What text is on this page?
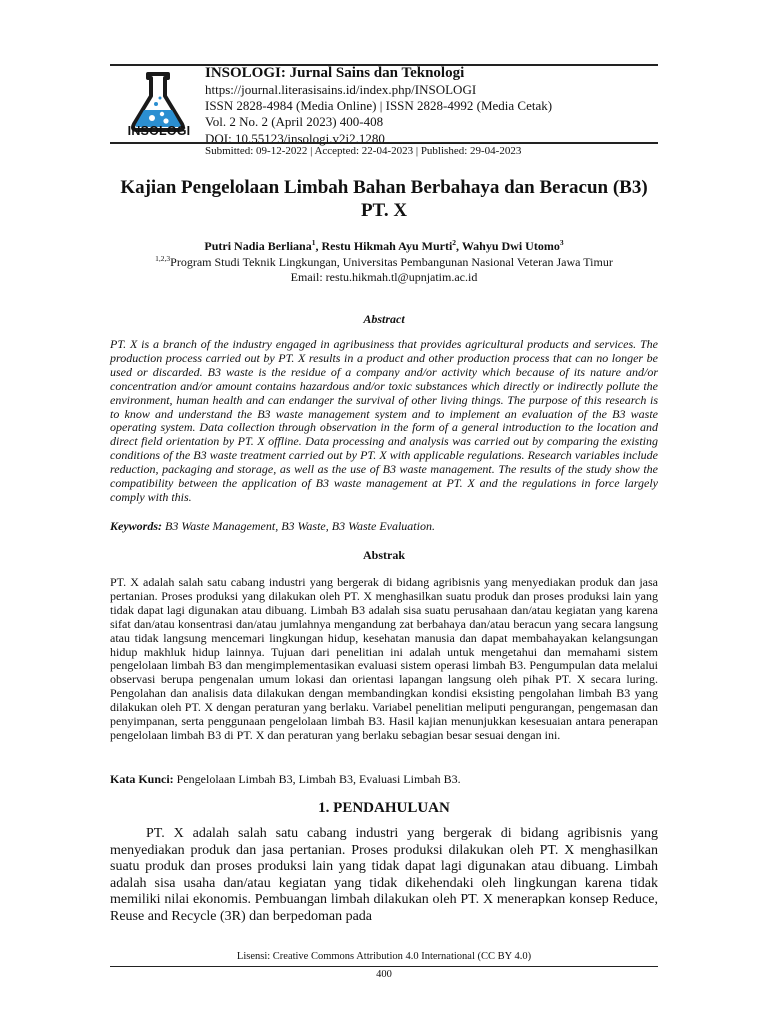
INSOLOGI
INSOLOGI: Jurnal Sains dan Teknologi
https://journal.literasisains.id/index.php/INSOLOGI
ISSN 2828-4984 (Media Online) | ISSN 2828-4992 (Media Cetak)
Vol. 2 No. 2 (April 2023) 400-408
DOI: 10.55123/insologi.v2i2.1280
Submitted: 09-12-2022 | Accepted: 22-04-2023 | Published: 29-04-2023
Kajian Pengelolaan Limbah Bahan Berbahaya dan Beracun (B3)
PT. X
Putri Nadia Berliana$^1$, Restu Hikmah Ayu Murti$^2$, Wahyu Dwi Utomo$^3$
$^{1,2,3}$Program Studi Teknik Lingkungan, Universitas Pembangunan Nasional Veteran Jawa Timur
Email: restu.hikmah.tl@upnjatim.ac.id
Abstract
PT. X is a branch of the industry engaged in agribusiness that provides agricultural products and services. The production process carried out by PT. X results in a product and other production process that can no longer be used or discarded. B3 waste is the residue of a company and/or activity which because of its nature and/or concentration and/or amount contains hazardous and/or toxic substances which directly or indirectly pollute the environment, human health and can endanger the survival of other living things. The purpose of this research is to know and understand the B3 waste management system and to implement an evaluation of the B3 waste operating system. Data collection through observation in the form of a general introduction to the location and direct field orientation by PT. X offline. Data processing and analysis was carried out by comparing the existing conditions of the B3 waste treatment carried out by PT. X with applicable regulations. Research variables include reduction, packaging and storage, as well as the use of B3 waste management. The results of the study show the compatibility between the application of B3 waste management at PT. X and the regulations in force largely comply with this.
Keywords: B3 Waste Management, B3 Waste, B3 Waste Evaluation.
Abstrak
PT. X adalah salah satu cabang industri yang bergerak di bidang agribisnis yang menyediakan produk dan jasa pertanian. Proses produksi yang dilakukan oleh PT. X menghasilkan suatu produk dan proses produksi lain yang tidak dapat lagi digunakan atau dibuang. Limbah B3 adalah sisa suatu perusahaan dan/atau kegiatan yang karena sifat dan/atau konsentrasi dan/atau jumlahnya mengandung zat berbahaya dan/atau beracun yang secara langsung atau tidak langsung mencemari lingkungan hidup, kesehatan manusia dan dapat membahayakan kelangsungan hidup makhluk hidup lainnya. Tujuan dari penelitian ini adalah untuk mengetahui dan memahami sistem pengelolaan limbah B3 dan mengimplementasikan evaluasi sistem operasi limbah B3. Pengumpulan data melalui observasi berupa pengenalan umum lokasi dan orientasi lapangan langsung oleh pihak PT. X secara luring. Pengolahan dan analisis data dilakukan dengan membandingkan kondisi eksisting pengolahan limbah B3 yang dilakukan oleh PT. X dengan peraturan yang berlaku. Variabel penelitian meliputi pengurangan, pengemasan dan penyimpanan, serta penggunaan pengelolaan limbah B3. Hasil kajian menunjukkan kesesuaian antara penerapan pengelolaan limbah B3 di PT. X dan peraturan yang berlaku sebagian besar sesuai dengan ini.
Kata Kunci: Pengelolaan Limbah B3, Limbah B3, Evaluasi Limbah B3.
1. PENDAHULUAN
PT. X adalah salah satu cabang industri yang bergerak di bidang agribisnis yang menyediakan produk dan jasa pertanian. Proses produksi dilakukan oleh PT. X menghasilkan suatu produk dan proses produksi lain yang tidak dapat lagi digunakan atau dibuang. Limbah adalah sisa usaha dan/atau kegiatan yang tidak dikehendaki oleh lingkungan karena tidak memiliki nilai ekonomis. Pembuangan limbah dilakukan oleh PT. X menerapkan konsep Reduce, Reuse and Recycle (3R) dan berpedoman pada
Lisensi: Creative Commons Attribution 4.0 International (CC BY 4.0)
400
